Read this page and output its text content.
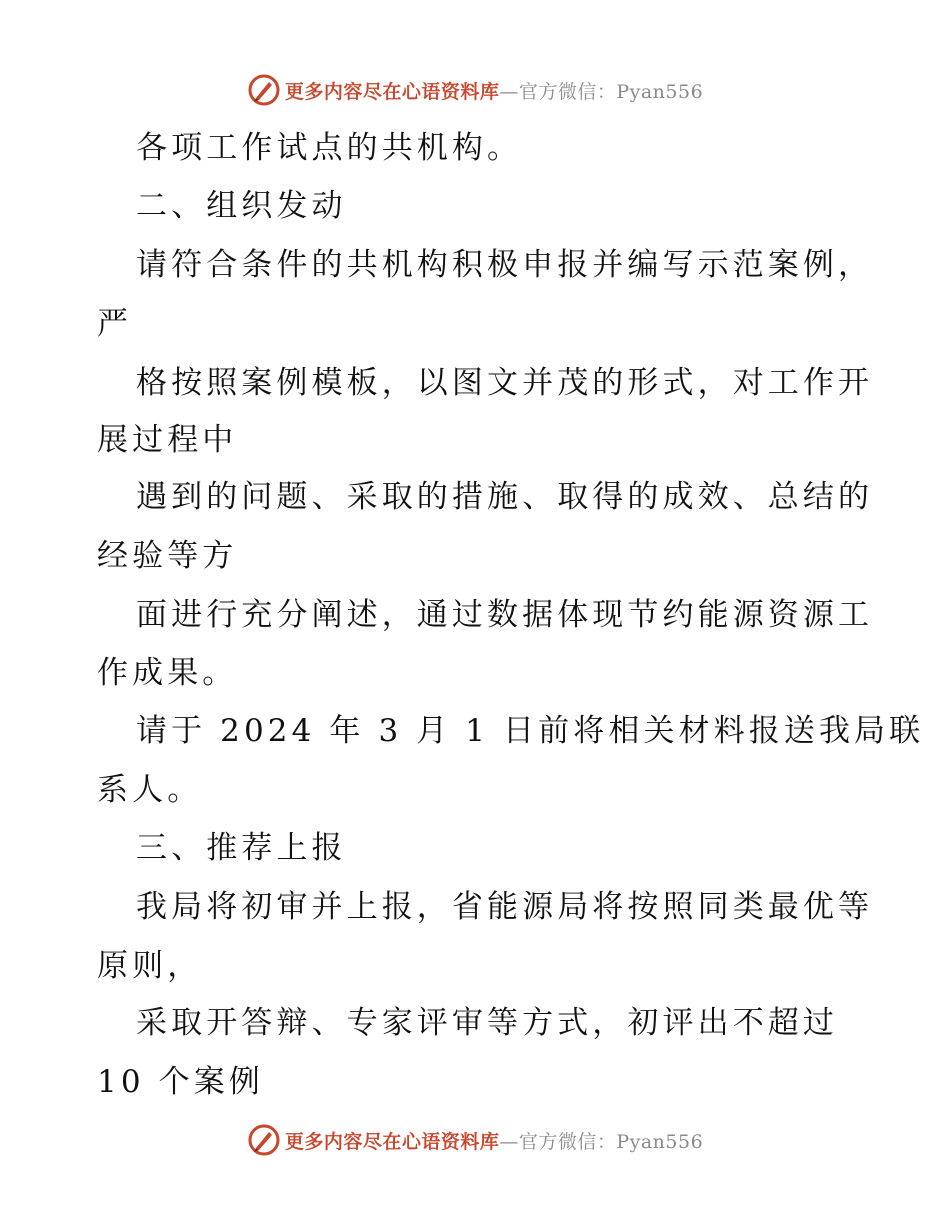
更多内容尽在心语资料库—官方微信：Pyan556
各项工作试点的共机构。
二、组织发动
请符合条件的共机构积极申报并编写示范案例，
严
格按照案例模板，以图文并茂的形式，对工作开
展过程中
遇到的问题、采取的措施、取得的成效、总结的
经验等方
面进行充分阐述，通过数据体现节约能源资源工
作成果。
请于 2024 年 3 月 1 日前将相关材料报送我局联
系人。
三、推荐上报
我局将初审并上报，省能源局将按照同类最优等
原则，
采取开答辩、专家评审等方式，初评出不超过
10 个案例
更多内容尽在心语资料库—官方微信：Pyan556
